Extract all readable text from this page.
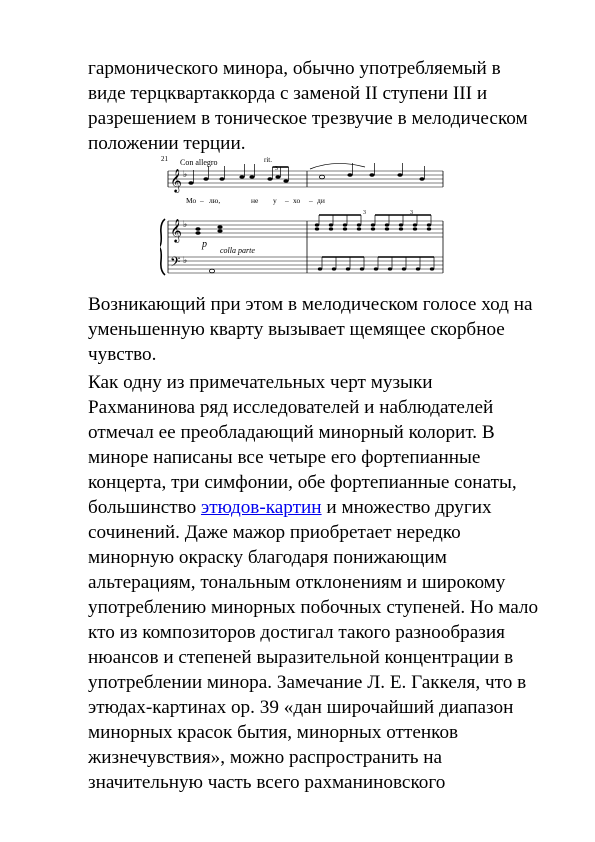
гармонического минора, обычно употребляемый в
виде терцквартаккорда с заменой II ступени III и
разрешением в тоническое трезвучие в мелодическом
положении терции.

21 Con allegro	rit.
3
3	3
p
colla parte
Мо – лю,	не у – хо – ди
𝄞
𝄞
𝄢
♭
♭
♭

Возникающий при этом в мелодическом голосе ход на
уменьшенную кварту вызывает щемящее скорбное
чувство.

Как одну из примечательных черт музыки
Рахманинова ряд исследователей и наблюдателей
отмечал ее преобладающий минорный колорит. В
миноре написаны все четыре его фортепианные
концерта, три симфонии, обе фортепианные сонаты,
большинство этюдов-картин и множество других
сочинений. Даже мажор приобретает нередко
минорную окраску благодаря понижающим
альтерациям, тональным отклонениям и широкому
употреблению минорных побочных ступеней. Но мало
кто из композиторов достигал такого разнообразия
нюансов и степеней выразительной концентрации в
употреблении минора. Замечание Л. Е. Гаккеля, что в
этюдах-картинах ор. 39 «дан широчайший диапазон
минорных красок бытия, минорных оттенков
жизнечувствия», можно распространить на
значительную часть всего рахманиновского
